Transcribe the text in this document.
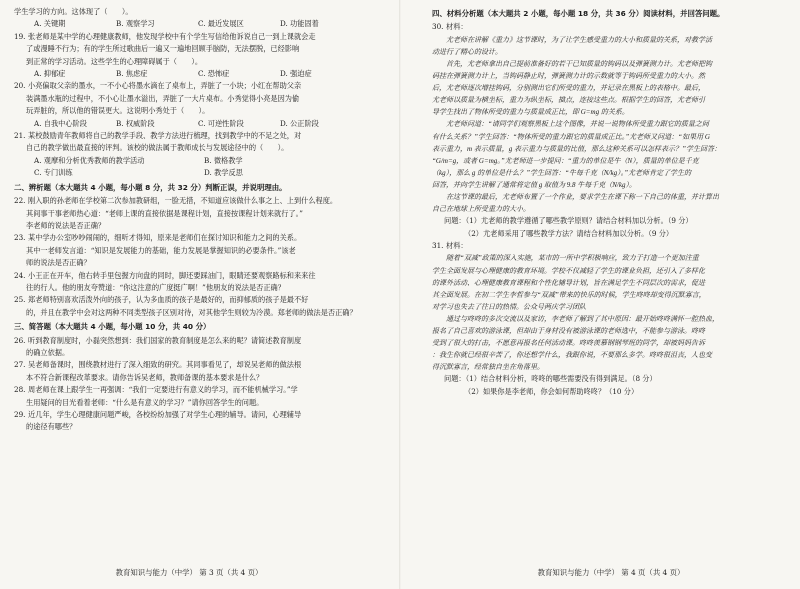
学生学习的方向。这体现了（　　）。

A. 关键期	B. 观察学习	C. 最近发展区	D. 功能固着

19. 张老师是某中学的心理健康教师，他发现学校中有个学生写信给他诉说自己一到上课就会走

了或漫睡不行为；有的学生所过歌曲后一遍又一遍地回顾手脑防，无法摆脱，已经影响

到正常的学习活动。这些学生的心理障碍属于（　　）。

A. 抑郁症	B. 焦虑症	C. 恐怖症	D. 强迫症

20. 小亮偏取父亲的墨水，一不小心将墨水滴在了桌布上，弄脏了一小块；小红在帮助父亲

装满墨水瓶的过程中，不小心让墨水溢出，弄脏了一大片桌布。小秀觉得小亮是因为偷

玩弄脏的，所以他的错误更大。这说明小秀处于（　　）。

A. 自我中心阶段	B. 权威阶段	C. 可逆性阶段	D. 公正阶段

21. 某校鼓励青年教师将自己的教学手段、教学方法进行梳理，找到教学中的不足之处，对

自己的教学做出最直接的评判。该校的做法属于教师成长与发展途径中的（　　）。

A. 观摩和分析优秀教师的教学活动	B. 微格教学
C. 专门训练	D. 教学反思

二、辨析题（本大题共 4 小题，每小题 8 分，共 32 分）判断正误，并说明理由。

22. 刚入职的孙老师在学校第二次参加教研组，一脸无措，不知道应该做什么事之上、上到什么程度。

其间事干事老师热心道：“老师上课的直接依据是课程计划，直接按课程计划来就行了。”

李老师的说法是否正确？

23. 某中学办公室吵吵闹闹的，细听才得知，原来是老师们在探讨知识和能力之间的关系。

其中一老师发言道：“知识是发展能力的基础，能力发展是掌握知识的必要条件。”该老

师的说法是否正确？

24. 小王正在开车，他右转手里包握方向盘的同时，脚还要踩油门，眼睛还要观察路标和来来往

往的行人。他的朋友夸赞道：“你这注意的广度挺广啊！”他朋友的说法是否正确？

25. 郑老师特别喜欢活泼外向的孩子，认为多血质的孩子是最好的，而抑郁质的孩子是最不好

的，并且在教学中会对这两种不同类型孩子区别对待，对其他学生则较为冷漠。郑老师的做法是否正确？

三、简答题（本大题共 4 小题，每小题 10 分，共 40 分）

26. 听到教育制度时，小磊突然想到：我们国家的教育制度是怎么来的呢？请简述教育制度

的确立依据。

27. 吴老师备课时，围绕教材进行了深入细致的研究。其同事看见了，却说吴老师的做法根

本不符合新课程改革要求。请你告诉吴老师，教师备课的基本要求是什么？

28. 周老师在课上跟学生一再强调：“我们一定要进行有意义的学习，而不能机械学习。”学

生用疑问的目光看着老师：“什么是有意义的学习？”请你回答学生的问题。

29. 近几年，学生心理健康问题严峻，各校纷纷加强了对学生心理的辅导。请问，心理辅导

的途径有哪些？

教育知识与能力（中学） 第 3 页（共 4 页）

四、材料分析题（本大题共 2 小题，每小题 18 分，共 36 分）阅读材料，并回答问题。

30. 材料：

尤老师在讲解《重力》这节课时，为了让学生感受重力的大小和质量的关系，对教学活

动进行了精心的设计。

首先，尤老师拿出自己提前准备好的若干已知质量的钩码以及弹簧测力计。尤老师把钩

码挂在弹簧测力计上，当钩码静止时，弹簧测力计的示数就等于钩码所受重力的大小。然

后，尤老师逐次增挂钩码，分别测出它们所受的重力，并记录在黑板上的表格中。最后，

尤老师以质量为横坐标，重力为纵坐标，描点，连接这些点。根据学生的回答，尤老师引

导学生找出了物体所受的重力与质量成正比，即 G=mg 的关系。

尤老师问道：“请同学们观察黑板上这个图像，并说一说物体所受重力跟它的质量之间

有什么关系？”学生回答：“物体所受的重力跟它的质量成正比。”尤老师又问道：“如果用 G

表示重力，m 表示质量，g 表示重力与质量的比值，那么这种关系可以怎样表示？”学生回答：

“G/m=g，或者 G=mg。”尤老师进一步提问：“重力的单位是牛（N），质量的单位是千克

（kg），那么 g 的单位是什么？”学生回答：“牛每千克（N/kg）。”尤老师肯定了学生的

回答，并向学生讲解了通常将定值 g 取值为 9.8 牛每千克（N/kg）。

在这节课的最后，尤老师布置了一个作业，要求学生在课下称一下自己的体重，并计算出

自己在地球上所受重力的大小。

问题：（1）尤老师的教学遵循了哪些教学原则？请结合材料加以分析。（9 分）

（2）尤老师采用了哪些教学方法？请结合材料加以分析。（9 分）

31. 材料：

随着“双减”政策的深入实施，某市的一所中学积极响应，致力于打造一个更加注重

学生全面发展与心理健康的教育环境。学校不仅减轻了学生的课业负担，还引入了多样化

的课外活动、心理健康教育课程和个性化辅导计划，旨在满足学生不同层次的需求，促进

其全面发展。在初二学生李哲参与“双减”带来的快乐的时候，学生咚咚却变得沉默寡言，

对学习也失去了往日的热情。公众号两庆学习团队

通过与咚咚的多次交流以及家访，李老师了解到了其中原因：最开始咚咚满怀一腔热血，

报名了自己喜欢的游泳课，但却由于身材没有被游泳课的老师选中，不能参与游泳。咚咚

受到了很大的打击，不愿意再报名任何活动课。咚咚羡慕钢钢琴班的同学，却被妈妈告诉

：我生你就已经很辛苦了，你还想学什么，我跟你说，不要那么多学。咚咚很沮丧，人也变

得沉默寡言，经常独自坐在角落里。

问题：（1）结合材料分析，咚咚的哪些需要没有得到满足。（8 分）

（2）如果你是李老师，你会如何帮助咚咚？（10 分）

教育知识与能力（中学） 第 4 页（共 4 页）
